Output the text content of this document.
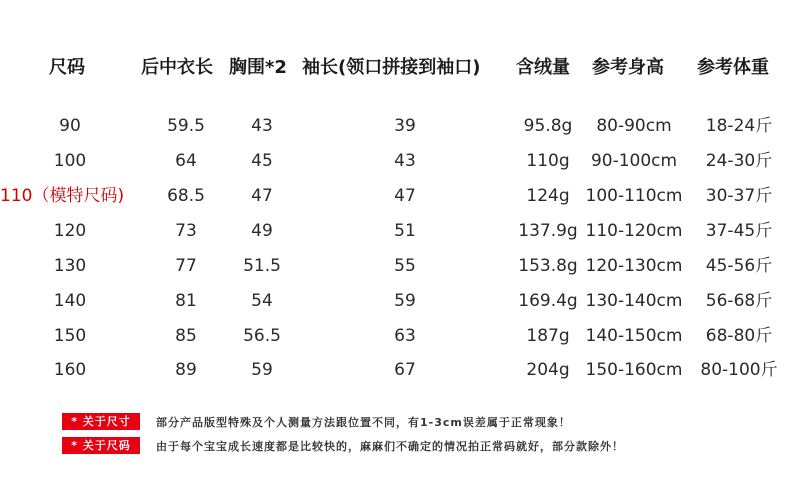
尺码	后中衣长 胸围*2 袖长(领口拼接到袖口) 含绒量 参考身高 参考体重
90	59.5	43	39	95.8g 80-90cm 18-24斤
100	64	45	43	110g 90-100cm 24-30斤
110（模特尺码)	68.5	47	47	124g 100-110cm 30-37斤
120	73	49	51	137.9g 110-120cm 37-45斤
130	77	51.5	55	153.8g 120-130cm 45-56斤
140	81	54	59	169.4g 130-140cm 56-68斤
150	85	56.5	63	187g 140-150cm 68-80斤
160	89	59	67	204g 150-160cm 80-100斤
* 关于尺寸	部分产品版型特殊及个人测量方法跟位置不同，有1-3cm误差属于正常现象！
* 关于尺码	由于每个宝宝成长速度都是比较快的，麻麻们不确定的情况拍正常码就好，部分款除外！
